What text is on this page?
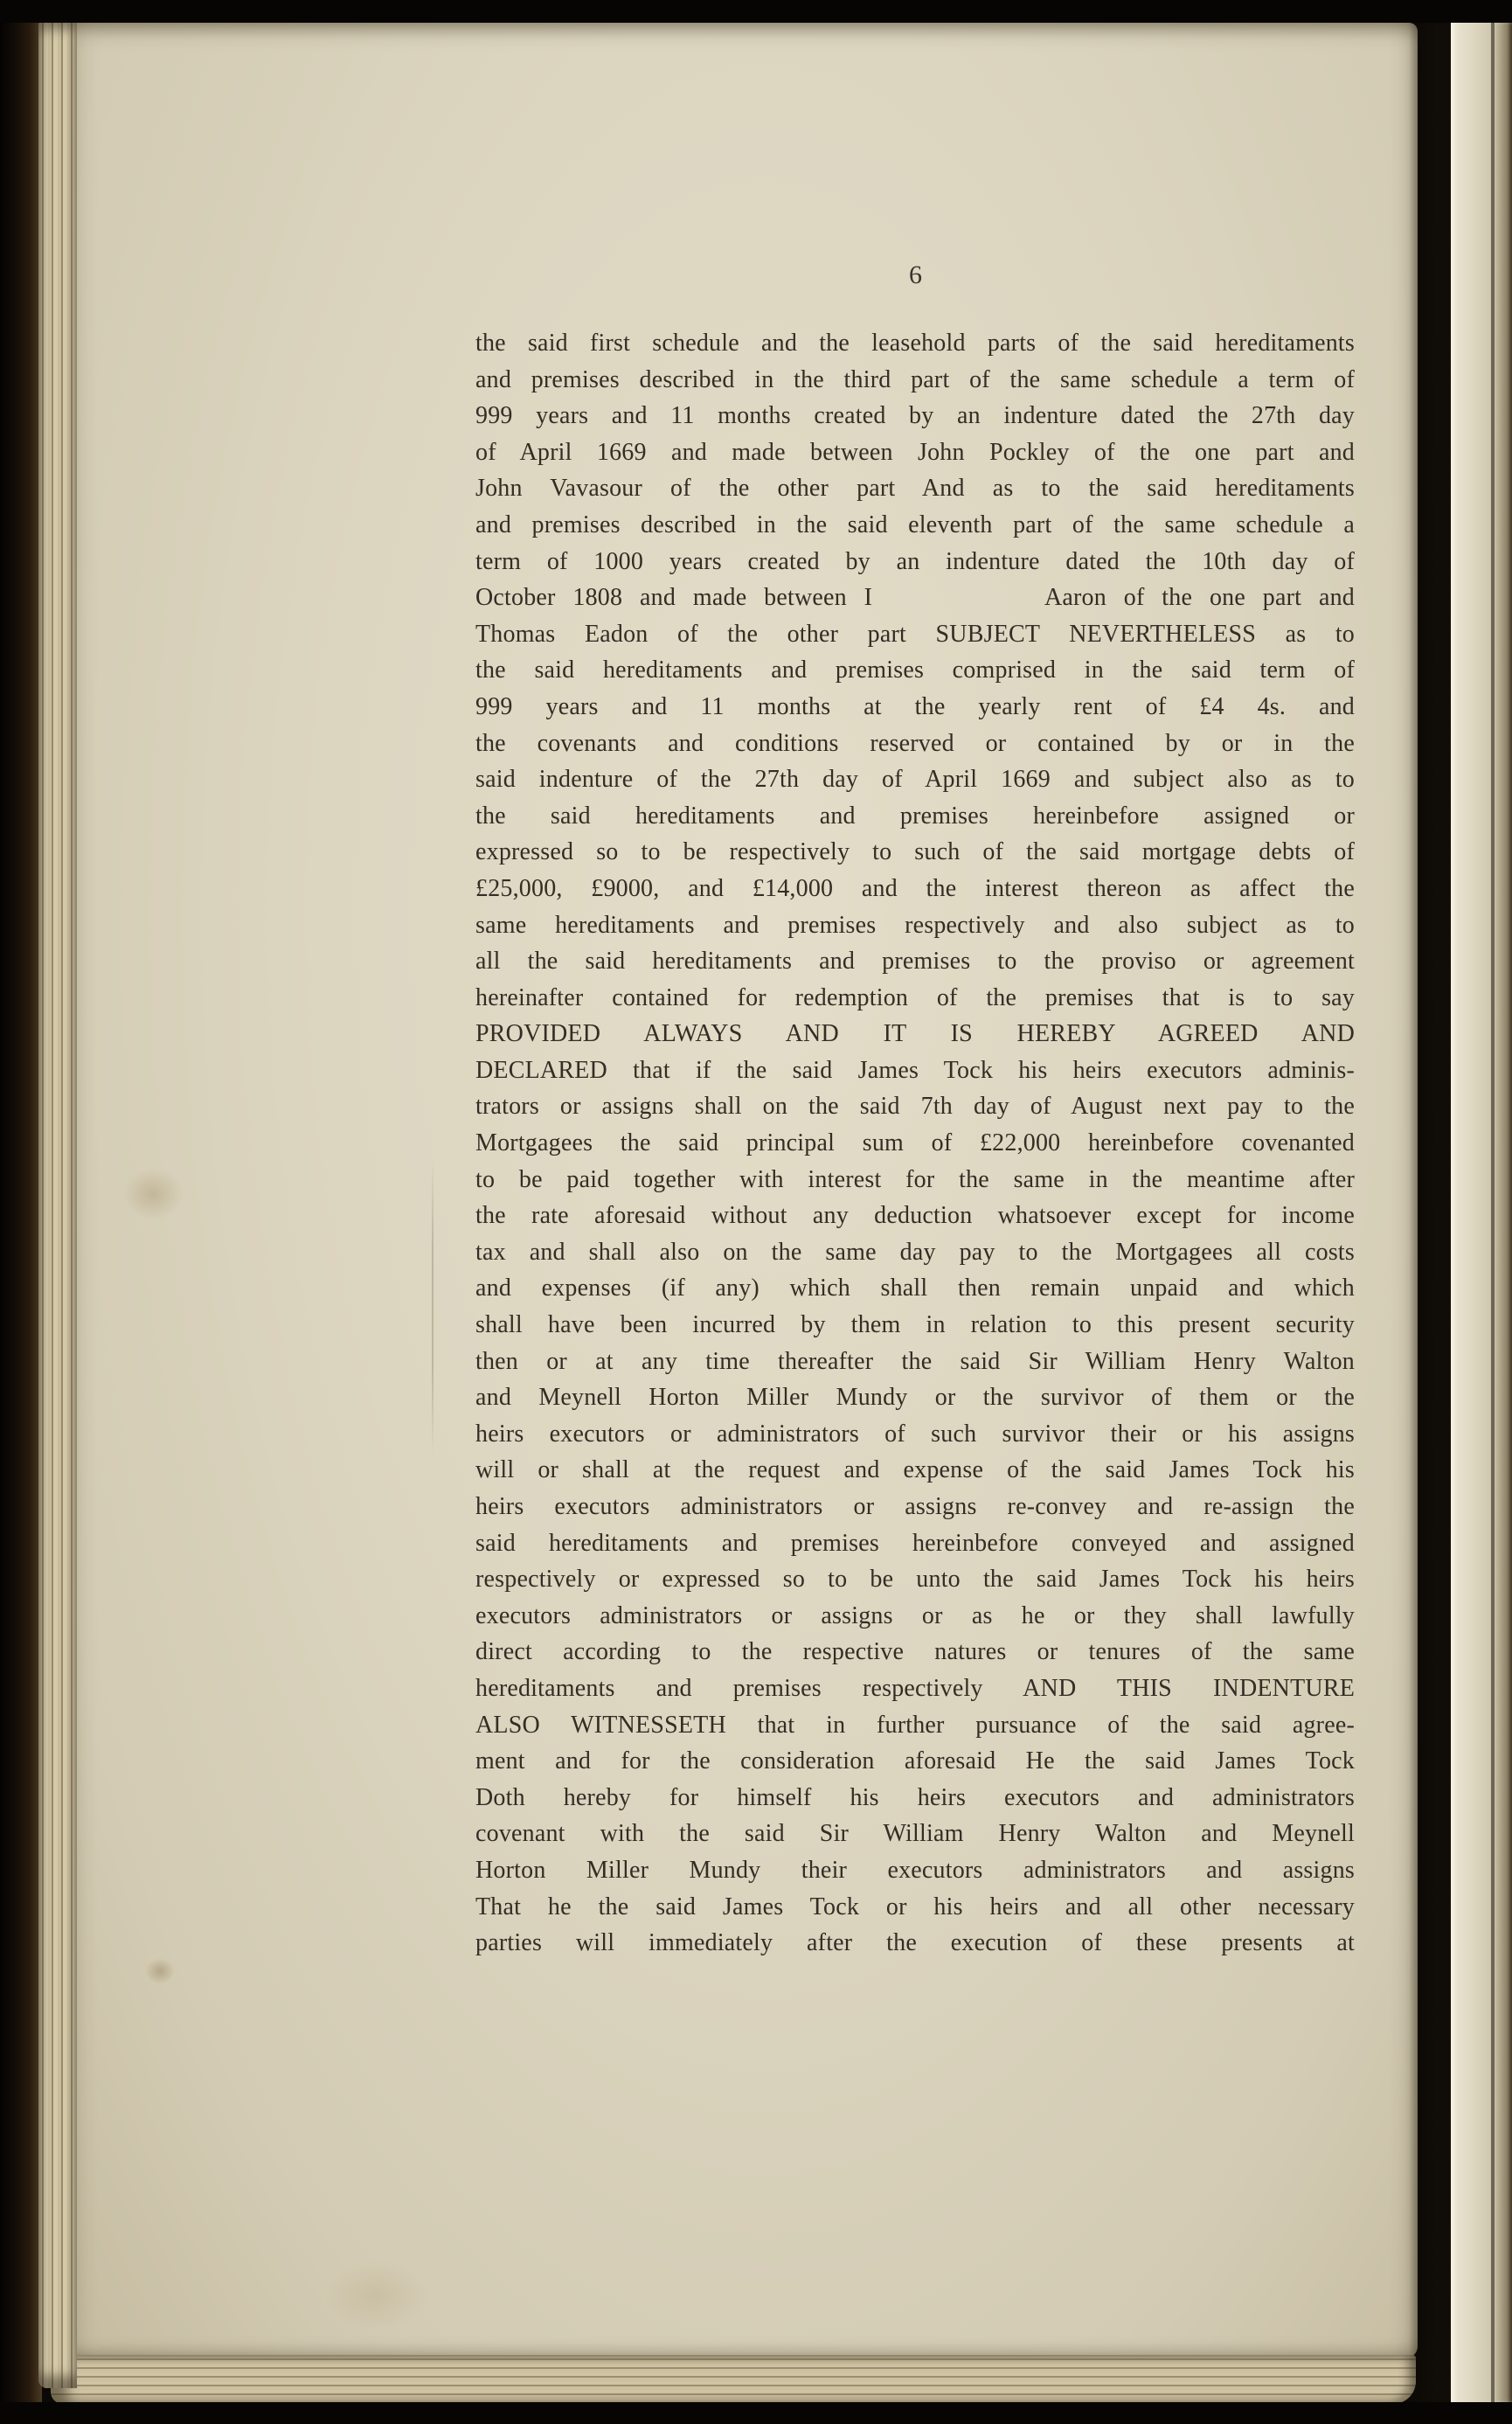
6
the said first schedule and the leasehold parts of the said hereditaments
and premises described in the third part of the same schedule a term of
999 years and 11 months created by an indenture dated the 27th day
of April 1669 and made between John Pockley of the one part and
John Vavasour of the other part And as to the said hereditaments
and premises described in the said eleventh part of the same schedule a
term of 1000 years created by an indenture dated the 10th day of
October 1808 and made between I          Aaron of the one part and
Thomas Eadon of the other part SUBJECT NEVERTHELESS as to
the said hereditaments and premises comprised in the said term of
999 years and 11 months at the yearly rent of £4 4s. and
the covenants and conditions reserved or contained by or in the
said indenture of the 27th day of April 1669 and subject also as to
the said hereditaments and premises hereinbefore assigned or
expressed so to be respectively to such of the said mortgage debts of
£25,000, £9000, and £14,000 and the interest thereon as affect the
same hereditaments and premises respectively and also subject as to
all the said hereditaments and premises to the proviso or agreement
hereinafter contained for redemption of the premises that is to say
PROVIDED ALWAYS AND IT IS HEREBY AGREED AND
DECLARED that if the said James Tock his heirs executors adminis-
trators or assigns shall on the said 7th day of August next pay to the
Mortgagees the said principal sum of £22,000 hereinbefore covenanted
to be paid together with interest for the same in the meantime after
the rate aforesaid without any deduction whatsoever except for income
tax and shall also on the same day pay to the Mortgagees all costs
and expenses (if any) which shall then remain unpaid and which
shall have been incurred by them in relation to this present security
then or at any time thereafter the said Sir William Henry Walton
and Meynell Horton Miller Mundy or the survivor of them or the
heirs executors or administrators of such survivor their or his assigns
will or shall at the request and expense of the said James Tock his
heirs executors administrators or assigns re-convey and re-assign the
said hereditaments and premises hereinbefore conveyed and assigned
respectively or expressed so to be unto the said James Tock his heirs
executors administrators or assigns or as he or they shall lawfully
direct according to the respective natures or tenures of the same
hereditaments and premises respectively AND THIS INDENTURE
ALSO WITNESSETH that in further pursuance of the said agree-
ment and for the consideration aforesaid He the said James Tock
Doth hereby for himself his heirs executors and administrators
covenant with the said Sir William Henry Walton and Meynell
Horton Miller Mundy their executors administrators and assigns
That he the said James Tock or his heirs and all other necessary
parties will immediately after the execution of these presents at
